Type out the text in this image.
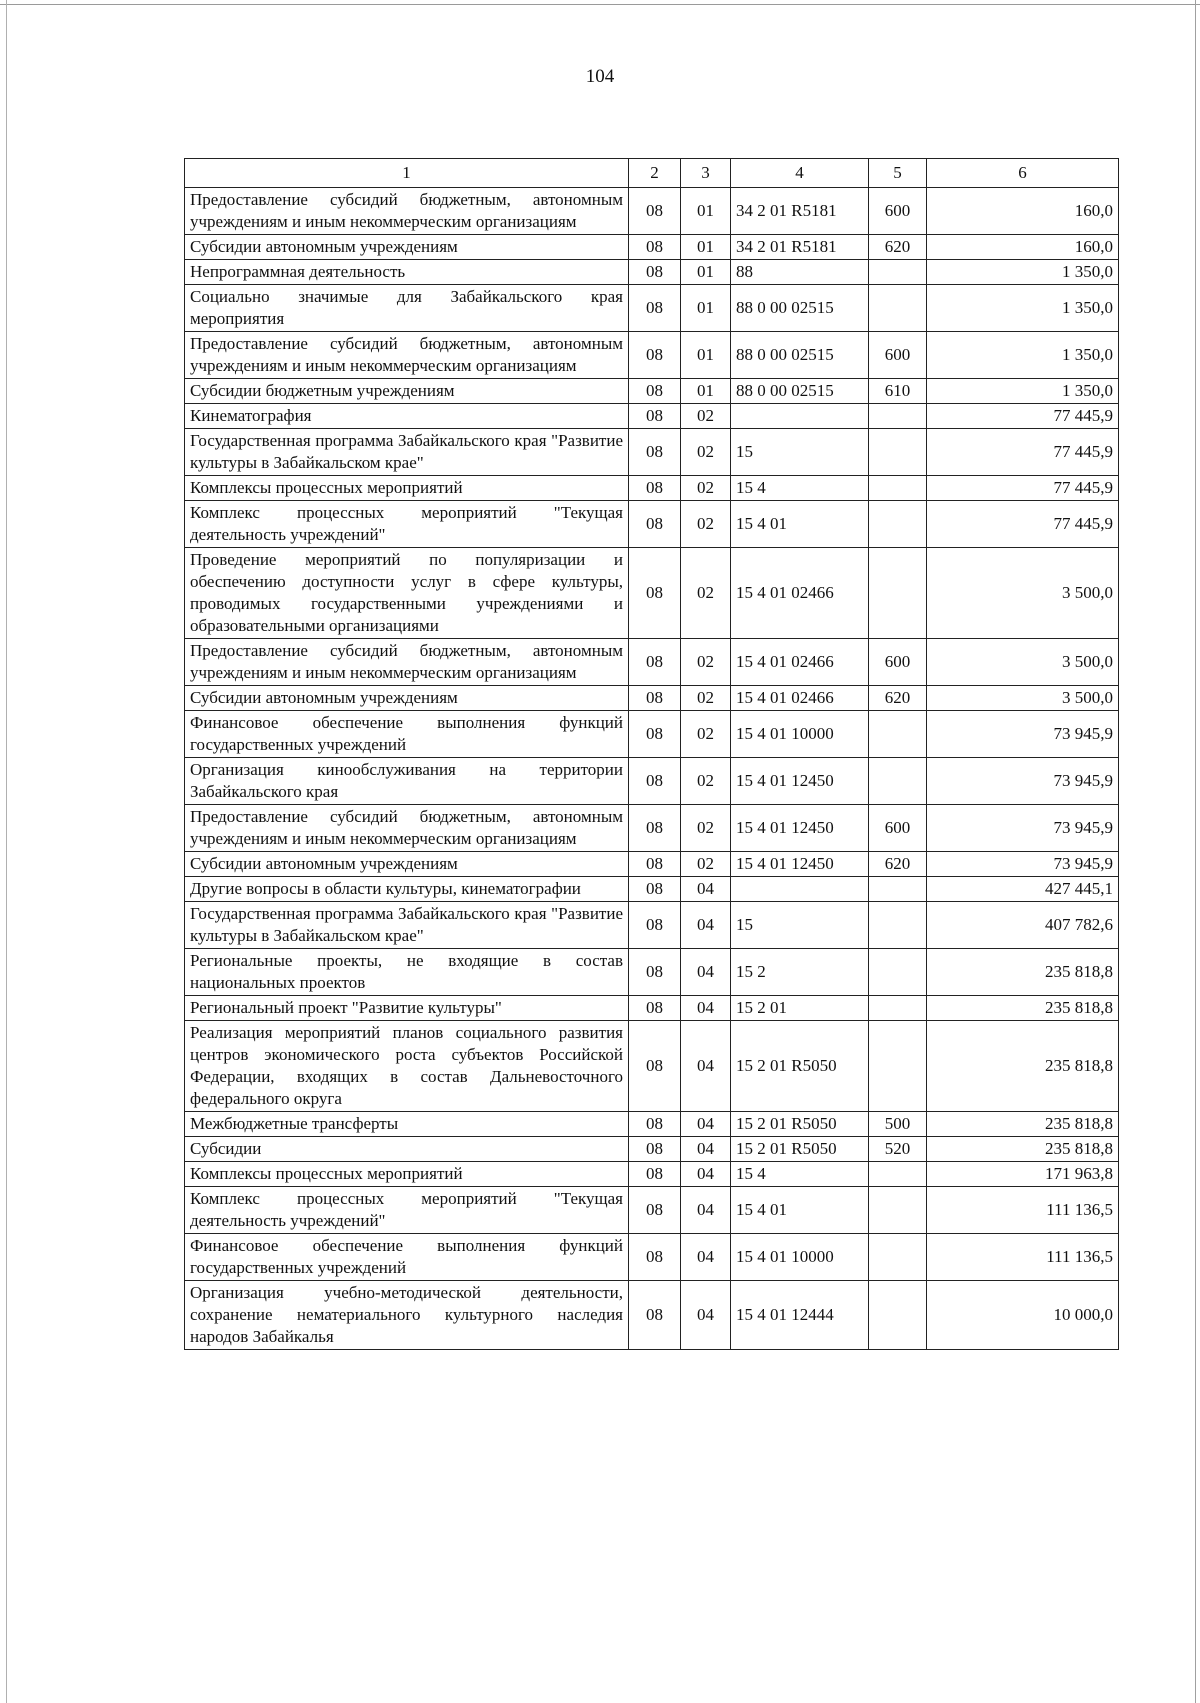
104
1	2	3	4	5	6
Предоставление субсидий бюджетным, автономным учреждениям и иным некоммерческим организациям	08	01	34 2 01 R5181	600	160,0
Субсидии автономным учреждениям	08	01	34 2 01 R5181	620	160,0
Непрограммная деятельность	08	01	88		1 350,0
Социально значимые для Забайкальского края мероприятия	08	01	88 0 00 02515		1 350,0
Предоставление субсидий бюджетным, автономным учреждениям и иным некоммерческим организациям	08	01	88 0 00 02515	600	1 350,0
Субсидии бюджетным учреждениям	08	01	88 0 00 02515	610	1 350,0
Кинематография	08	02			77 445,9
Государственная программа Забайкальского края "Развитие культуры в Забайкальском крае"	08	02	15		77 445,9
Комплексы процессных мероприятий	08	02	15 4		77 445,9
Комплекс процессных мероприятий "Текущая деятельность учреждений"	08	02	15 4 01		77 445,9
Проведение мероприятий по популяризации и обеспечению доступности услуг в сфере культуры, проводимых государственными учреждениями и образовательными организациями	08	02	15 4 01 02466		3 500,0
Предоставление субсидий бюджетным, автономным учреждениям и иным некоммерческим организациям	08	02	15 4 01 02466	600	3 500,0
Субсидии автономным учреждениям	08	02	15 4 01 02466	620	3 500,0
Финансовое обеспечение выполнения функций государственных учреждений	08	02	15 4 01 10000		73 945,9
Организация кинообслуживания на территории Забайкальского края	08	02	15 4 01 12450		73 945,9
Предоставление субсидий бюджетным, автономным учреждениям и иным некоммерческим организациям	08	02	15 4 01 12450	600	73 945,9
Субсидии автономным учреждениям	08	02	15 4 01 12450	620	73 945,9
Другие вопросы в области культуры, кинематографии	08	04			427 445,1
Государственная программа Забайкальского края "Развитие культуры в Забайкальском крае"	08	04	15		407 782,6
Региональные проекты, не входящие в состав национальных проектов	08	04	15 2		235 818,8
Региональный проект "Развитие культуры"	08	04	15 2 01		235 818,8
Реализация мероприятий планов социального развития центров экономического роста субъектов Российской Федерации, входящих в состав Дальневосточного федерального округа	08	04	15 2 01 R5050		235 818,8
Межбюджетные трансферты	08	04	15 2 01 R5050	500	235 818,8
Субсидии	08	04	15 2 01 R5050	520	235 818,8
Комплексы процессных мероприятий	08	04	15 4		171 963,8
Комплекс процессных мероприятий "Текущая деятельность учреждений"	08	04	15 4 01		111 136,5
Финансовое обеспечение выполнения функций государственных учреждений	08	04	15 4 01 10000		111 136,5
Организация учебно-методической деятельности, сохранение нематериального культурного наследия народов Забайкалья	08	04	15 4 01 12444		10 000,0
